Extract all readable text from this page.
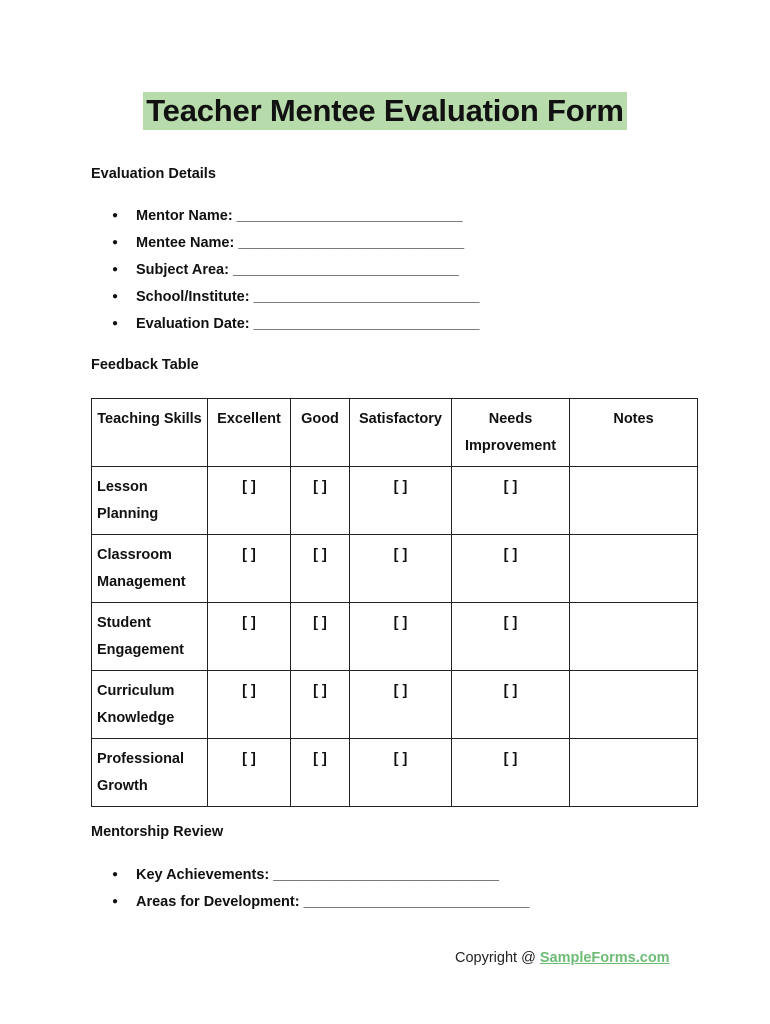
Teacher Mentee Evaluation Form
Evaluation Details
● Mentor Name: ____________________________
● Mentee Name: ____________________________
● Subject Area: ____________________________
● School/Institute: ____________________________
● Evaluation Date: ____________________________
Feedback Table
Teaching Skills	Excellent	Good	Satisfactory	Needs Improvement	Notes
Lesson Planning	[ ]	[ ]	[ ]	[ ]	
Classroom Management	[ ]	[ ]	[ ]	[ ]	
Student Engagement	[ ]	[ ]	[ ]	[ ]	
Curriculum Knowledge	[ ]	[ ]	[ ]	[ ]	
Professional Growth	[ ]	[ ]	[ ]	[ ]	
Mentorship Review
● Key Achievements: ____________________________
● Areas for Development: ____________________________
Copyright @ SampleForms.com
